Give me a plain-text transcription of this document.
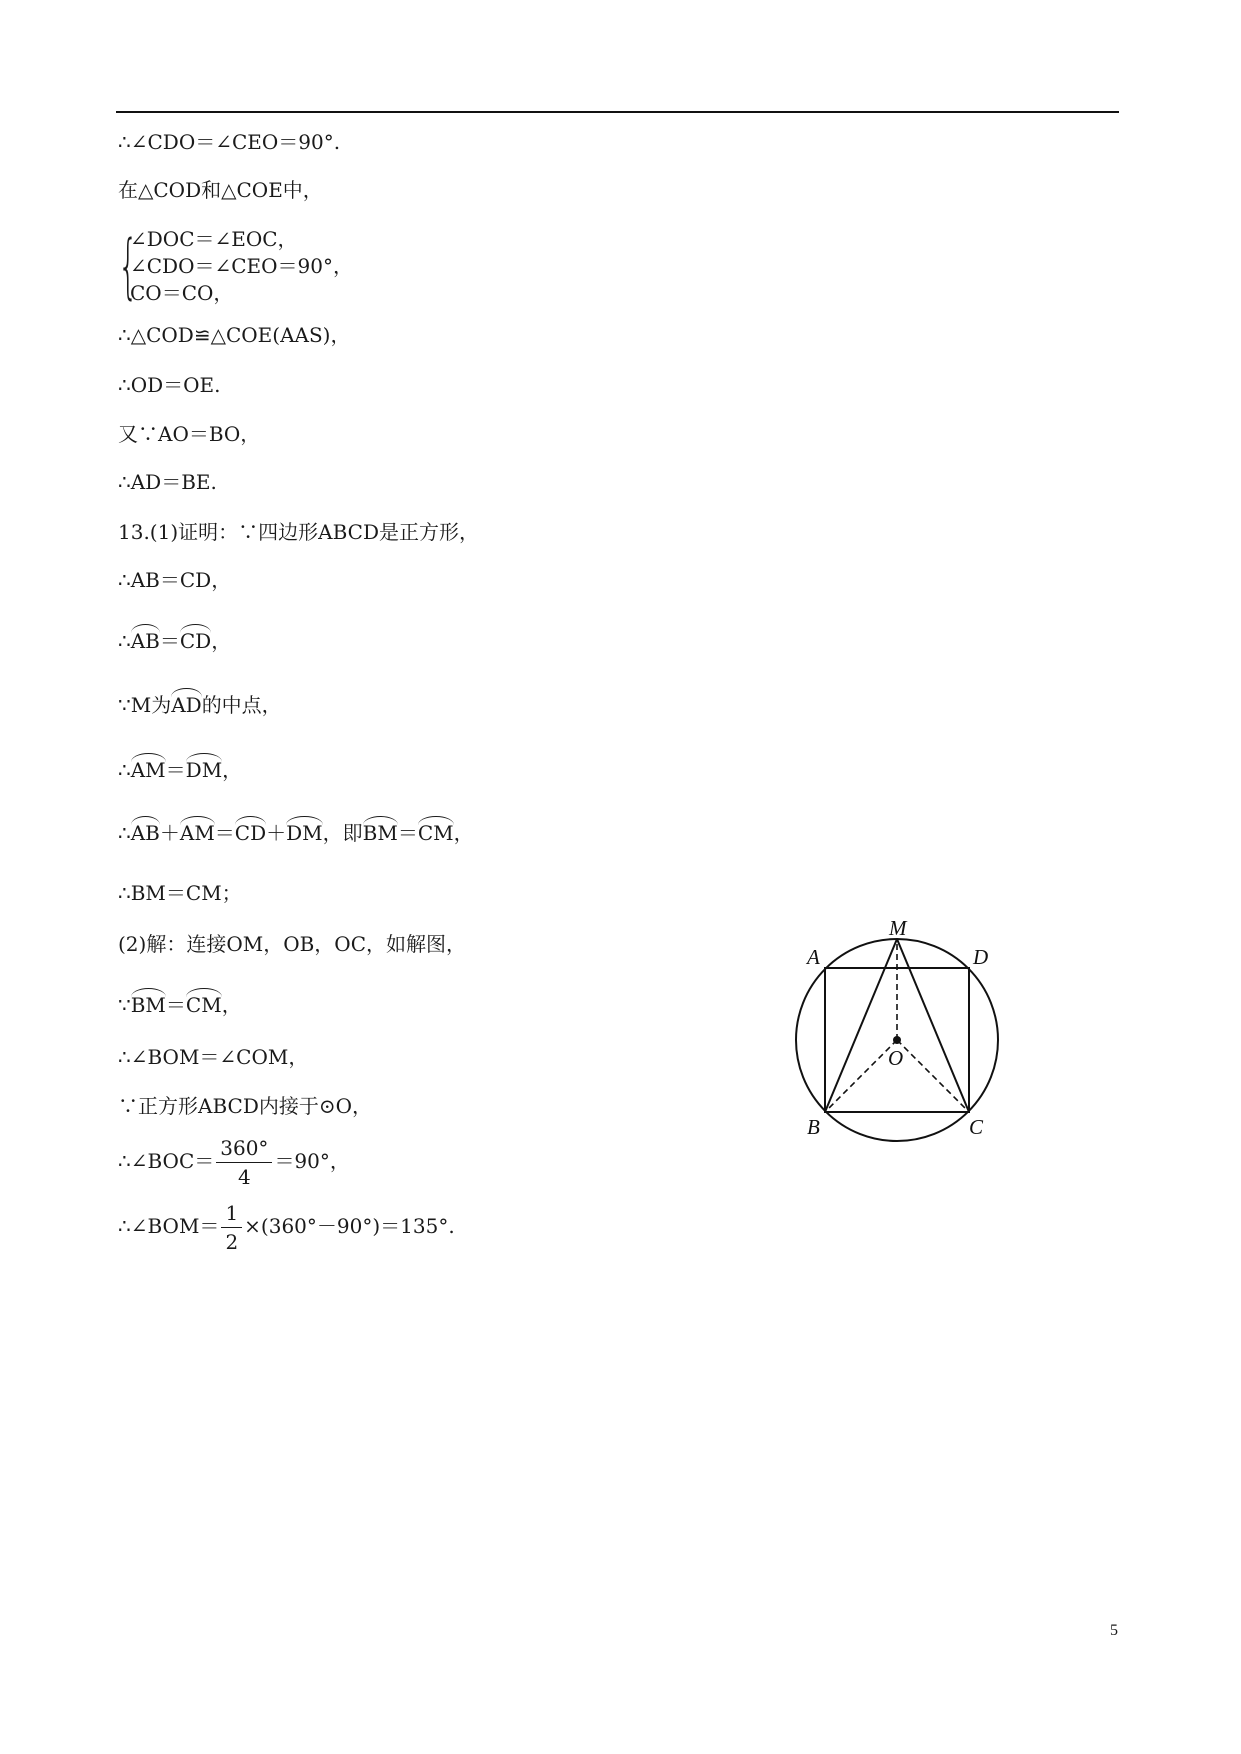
∴∠CDO＝∠CEO＝90°.
在△COD和△COE中，
{
∠DOC＝∠EOC，
∠CDO＝∠CEO＝90°，
CO＝CO，
∴△COD≌△COE(AAS)，
∴OD＝OE.
又∵AO＝BO，
∴AD＝BE.
13.(1)证明：∵四边形ABCD是正方形，
∴AB＝CD，
∴AB＝CD，
∵M为AD的中点，
∴AM＝DM，
∴AB＋AM＝CD＋DM，即BM＝CM，
∴BM＝CM；
(2)解：连接OM，OB，OC，如解图，
∵BM＝CM，
∴∠BOM＝∠COM，
∵正方形ABCD内接于⊙O，
∴∠BOC＝ $\frac{360^\circ}{4} =90^\circ$，
∴∠BOM＝ $\frac{1}{2} \times(360^\circ-90^\circ)=135^\circ$.
M
A	D
O
B	C
5
